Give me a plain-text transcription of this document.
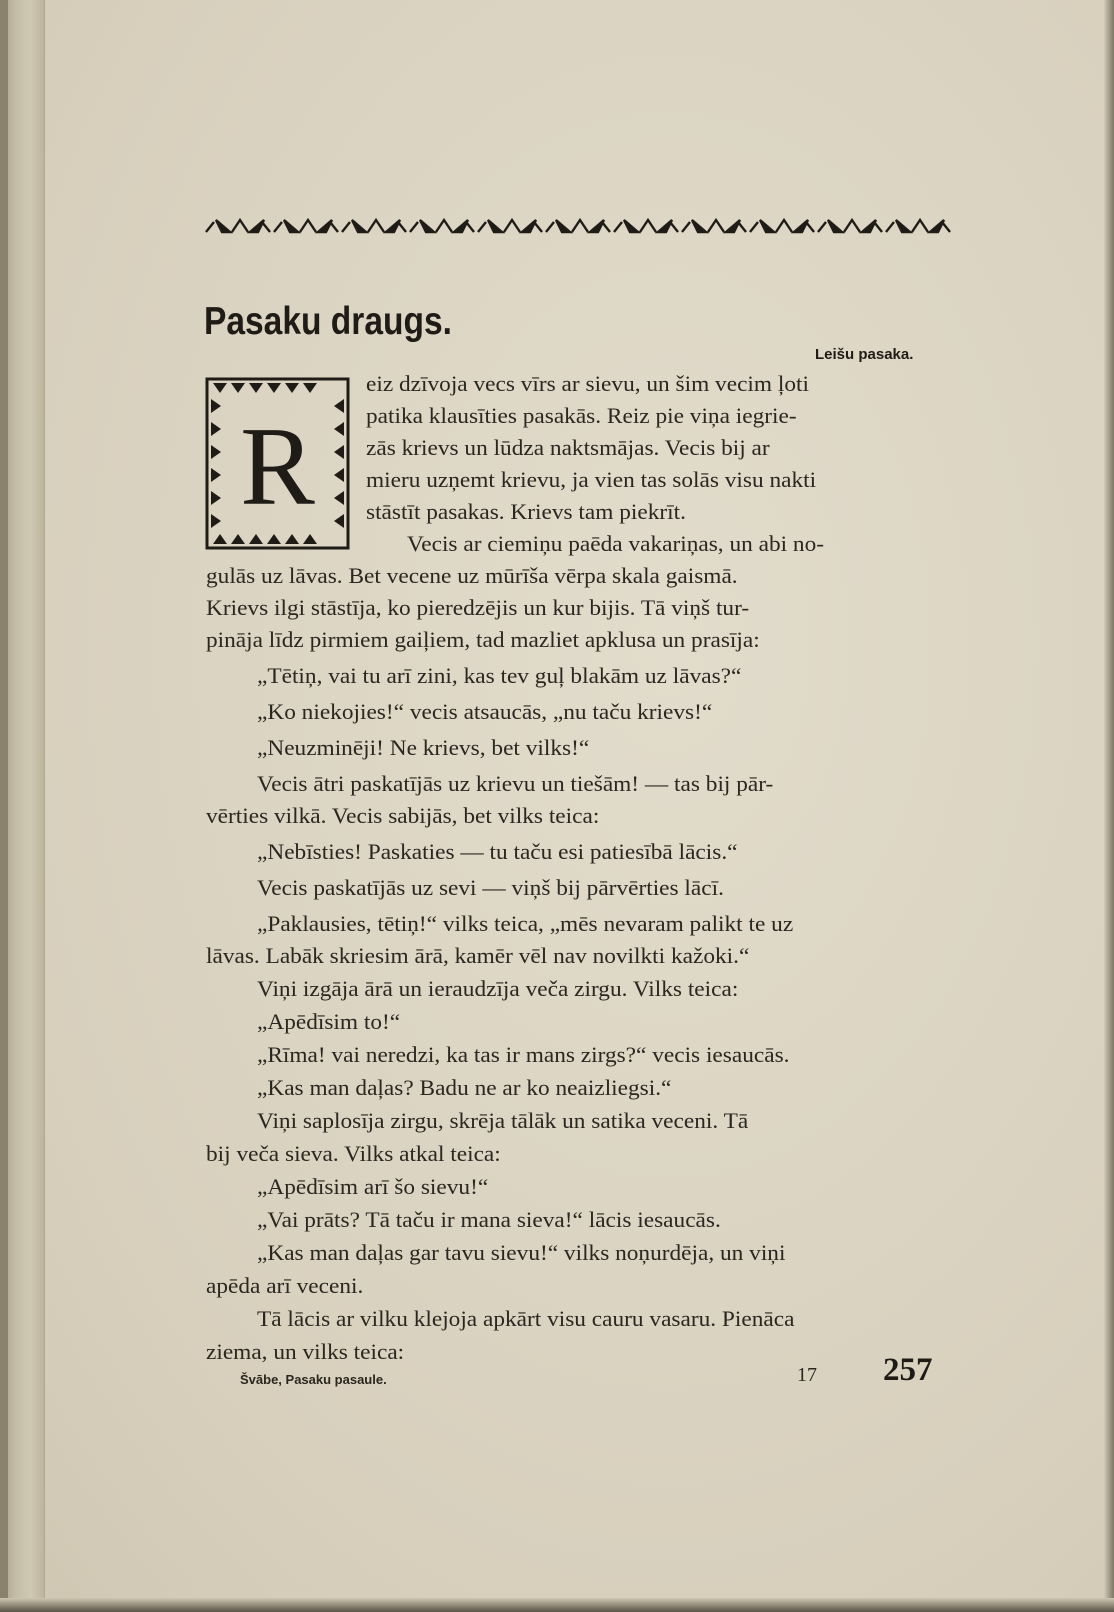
Pasaku draugs.

Leišu pasaka.

R

eiz dzīvoja vecs vīrs ar sievu, un šim vecim ļoti

patika klausīties pasakās. Reiz pie viņa iegrie-

zās krievs un lūdza naktsmājas. Vecis bij ar

mieru uzņemt krievu, ja vien tas solās visu nakti

stāstīt pasakas. Krievs tam piekrīt.

Vecis ar ciemiņu paēda vakariņas, un abi no-

gulās uz lāvas. Bet vecene uz mūrīša vērpa skala gaismā.

Krievs ilgi stāstīja, ko pieredzējis un kur bijis. Tā viņš tur-

pināja līdz pirmiem gaiļiem, tad mazliet apklusa un prasīja:

„Tētiņ, vai tu arī zini, kas tev guļ blakām uz lāvas?“

„Ko niekojies!“ vecis atsaucās, „nu taču krievs!“

„Neuzminēji! Ne krievs, bet vilks!“

Vecis ātri paskatījās uz krievu un tiešām! — tas bij pār-

vērties vilkā. Vecis sabijās, bet vilks teica:

„Nebīsties! Paskaties — tu taču esi patiesībā lācis.“

Vecis paskatījās uz sevi — viņš bij pārvērties lācī.

„Paklausies, tētiņ!“ vilks teica, „mēs nevaram palikt te uz

lāvas. Labāk skriesim ārā, kamēr vēl nav novilkti kažoki.“

Viņi izgāja ārā un ieraudzīja veča zirgu. Vilks teica:

„Apēdīsim to!“

„Rīma! vai neredzi, ka tas ir mans zirgs?“ vecis iesaucās.

„Kas man daļas? Badu ne ar ko neaizliegsi.“

Viņi saplosīja zirgu, skrēja tālāk un satika veceni. Tā

bij veča sieva. Vilks atkal teica:

„Apēdīsim arī šo sievu!“

„Vai prāts? Tā taču ir mana sieva!“ lācis iesaucās.

„Kas man daļas gar tavu sievu!“ vilks noņurdēja, un viņi

apēda arī veceni.

Tā lācis ar vilku klejoja apkārt visu cauru vasaru. Pienāca

ziema, un vilks teica:

Švābe, Pasaku pasaule.	17 257
